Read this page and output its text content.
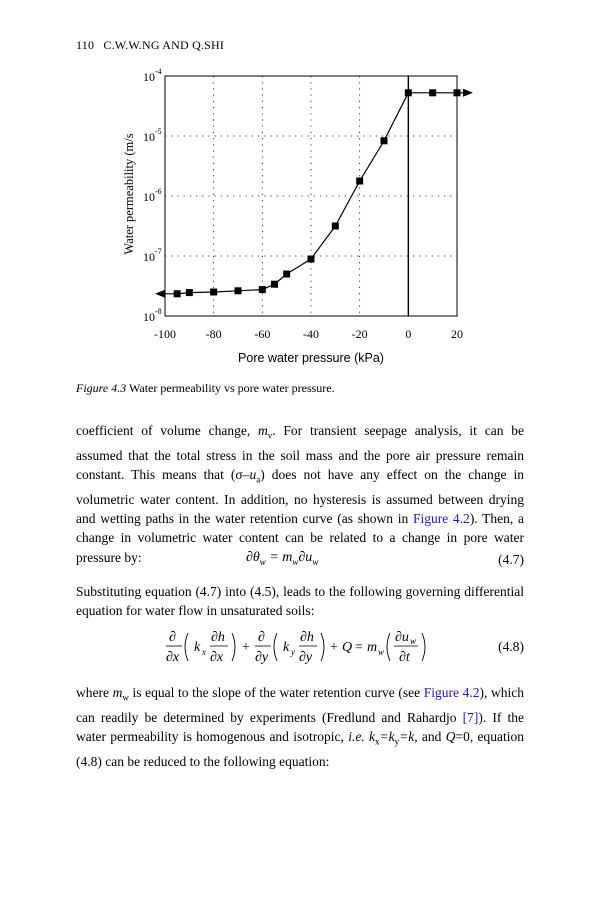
110 C.W.W.NG AND Q.SHI
-100 -80	-60	-40	-20	0	20
$10^{-4}$
$10^{-5}$
$10^{-6}$
$10^{-7}$
$10^{-8}$
Pore water pressure (kPa)
Water permeability (m/s
Figure 4.3 Water permeability vs pore water pressure.
coefficient of volume change, $m_v$. For transient seepage analysis, it can be assumed that the total stress in the soil mass and the pore air pressure remain constant. This means that $(\sigma-u_a)$ does not have any effect on the change in volumetric water content. In addition, no hysteresis is assumed between drying and wetting paths in the water retention curve (as shown in Figure 4.2). Then, a change in volumetric water content can be related to a change in pore water pressure by:	$\partial\theta_w = m_w\partial u_w$	(4.7)
Substituting equation (4.7) into (4.5), leads to the following governing differential equation for water flow in unsaturated soils:
∂
∂x
k x
∂h
∂x
+
∂
∂y
k y
∂h
∂y
+ Q = m w
∂u w
∂t
(4.8)
where $m_w$ is equal to the slope of the water retention curve (see Figure 4.2), which can readily be determined by experiments (Fredlund and Rahardjo [7]). If the water permeability is homogenous and isotropic, i.e. $k_x=k_y=k$, and Q=0, equation (4.8) can be reduced to the following equation:
